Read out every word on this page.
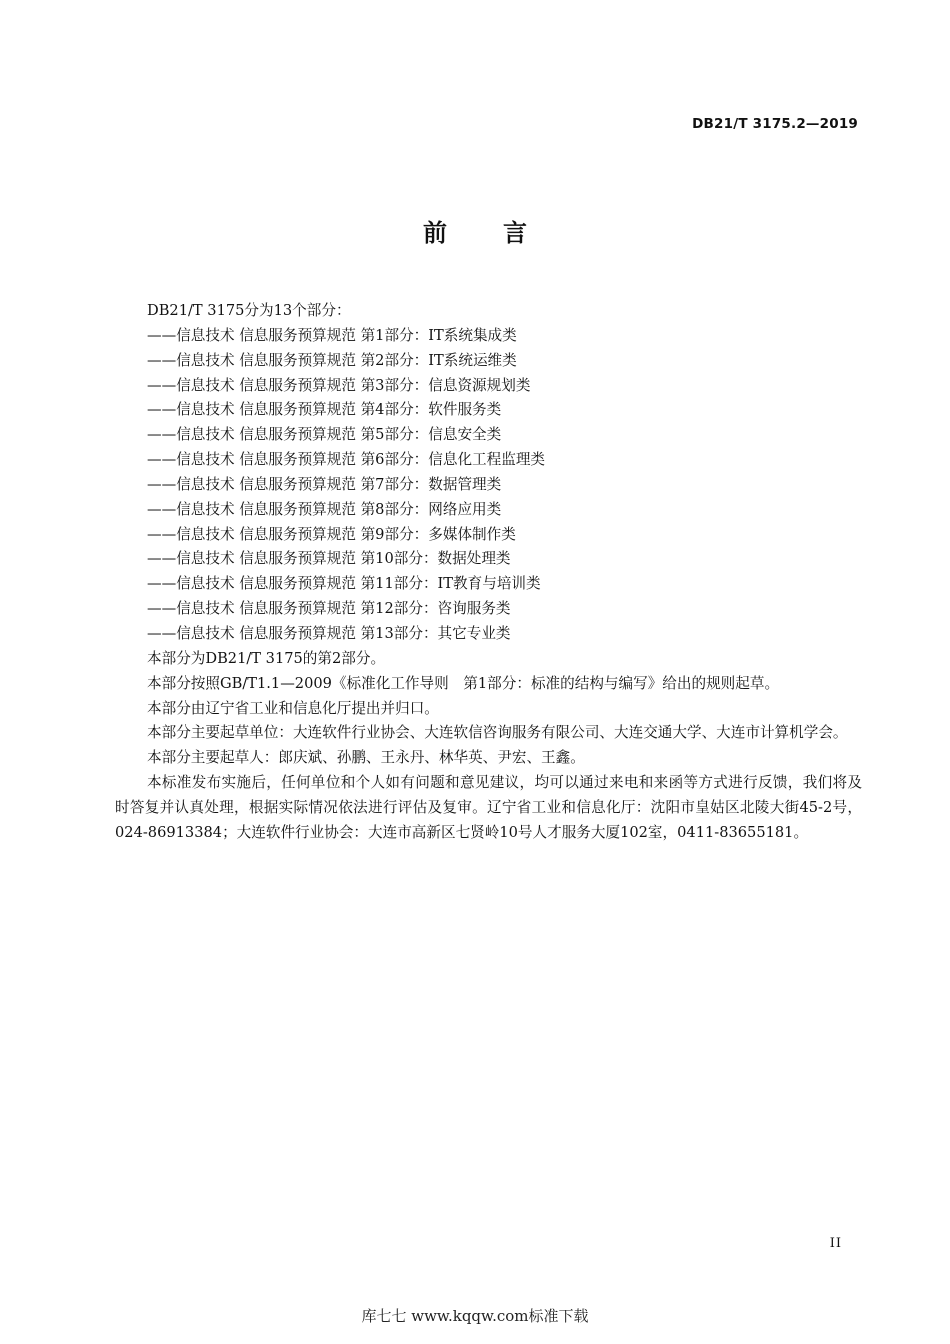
DB21/T 3175.2—2019
前言
DB21/T 3175分为13个部分：
——信息技术 信息服务预算规范 第1部分：IT系统集成类
——信息技术 信息服务预算规范 第2部分：IT系统运维类
——信息技术 信息服务预算规范 第3部分：信息资源规划类
——信息技术 信息服务预算规范 第4部分：软件服务类
——信息技术 信息服务预算规范 第5部分：信息安全类
——信息技术 信息服务预算规范 第6部分：信息化工程监理类
——信息技术 信息服务预算规范 第7部分：数据管理类
——信息技术 信息服务预算规范 第8部分：网络应用类
——信息技术 信息服务预算规范 第9部分：多媒体制作类
——信息技术 信息服务预算规范 第10部分：数据处理类
——信息技术 信息服务预算规范 第11部分：IT教育与培训类
——信息技术 信息服务预算规范 第12部分：咨询服务类
——信息技术 信息服务预算规范 第13部分：其它专业类
本部分为DB21/T 3175的第2部分。
本部分按照GB/T1.1—2009《标准化工作导则　第1部分：标准的结构与编写》给出的规则起草。
本部分由辽宁省工业和信息化厅提出并归口。
本部分主要起草单位：大连软件行业协会、大连软信咨询服务有限公司、大连交通大学、大连市计算机学会。
本部分主要起草人：郎庆斌、孙鹏、王永丹、林华英、尹宏、王鑫。
本标准发布实施后，任何单位和个人如有问题和意见建议，均可以通过来电和来函等方式进行反馈，我们将及时答复并认真处理，根据实际情况依法进行评估及复审。辽宁省工业和信息化厅：沈阳市皇姑区北陵大街45-2号，024-86913384；大连软件行业协会：大连市高新区七贤岭10号人才服务大厦102室，0411-83655181。
II
库七七 www.kqqw.com标准下载
